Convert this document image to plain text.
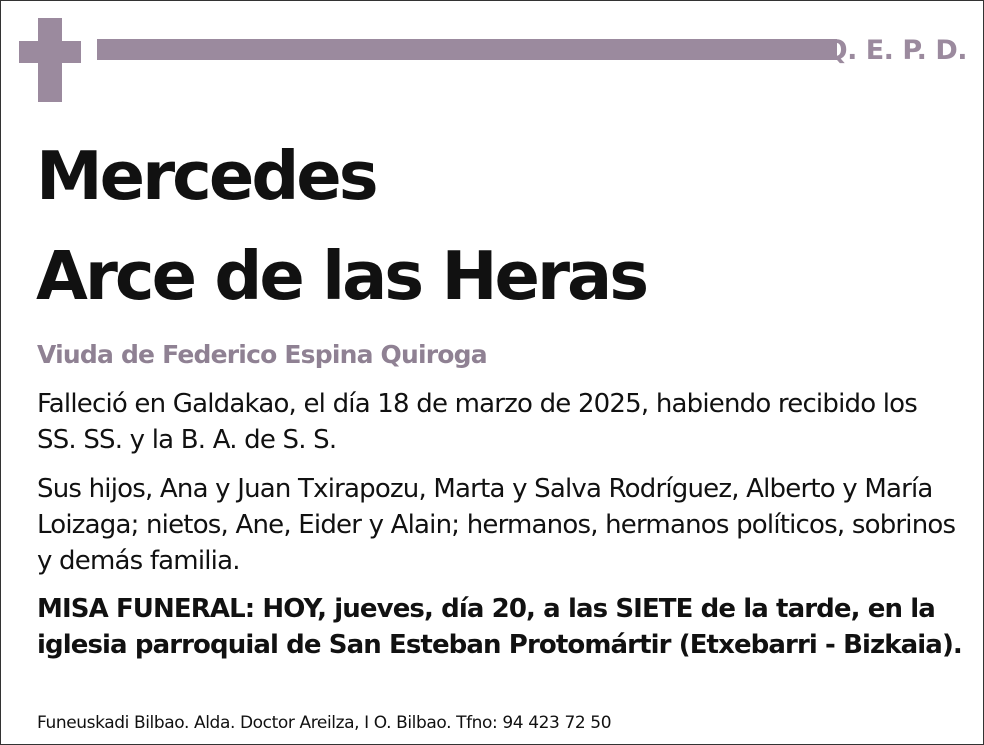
Q. E. P. D.
Mercedes
Arce de las Heras
Viuda de Federico Espina Quiroga

Falleció en Galdakao, el día 18 de marzo de 2025, habiendo recibido los SS. SS. y la B. A. de S. S.

Sus hijos, Ana y Juan Txirapozu, Marta y Salva Rodríguez, Alberto y María Loizaga; nietos, Ane, Eider y Alain; hermanos, hermanos políticos, sobrinos y demás familia.

MISA FUNERAL: HOY, jueves, día 20, a las SIETE de la tarde, en la iglesia parroquial de San Esteban Protomártir (Etxebarri - Bizkaia).

Funeuskadi Bilbao. Alda. Doctor Areilza, I O. Bilbao. Tfno: 94 423 72 50
